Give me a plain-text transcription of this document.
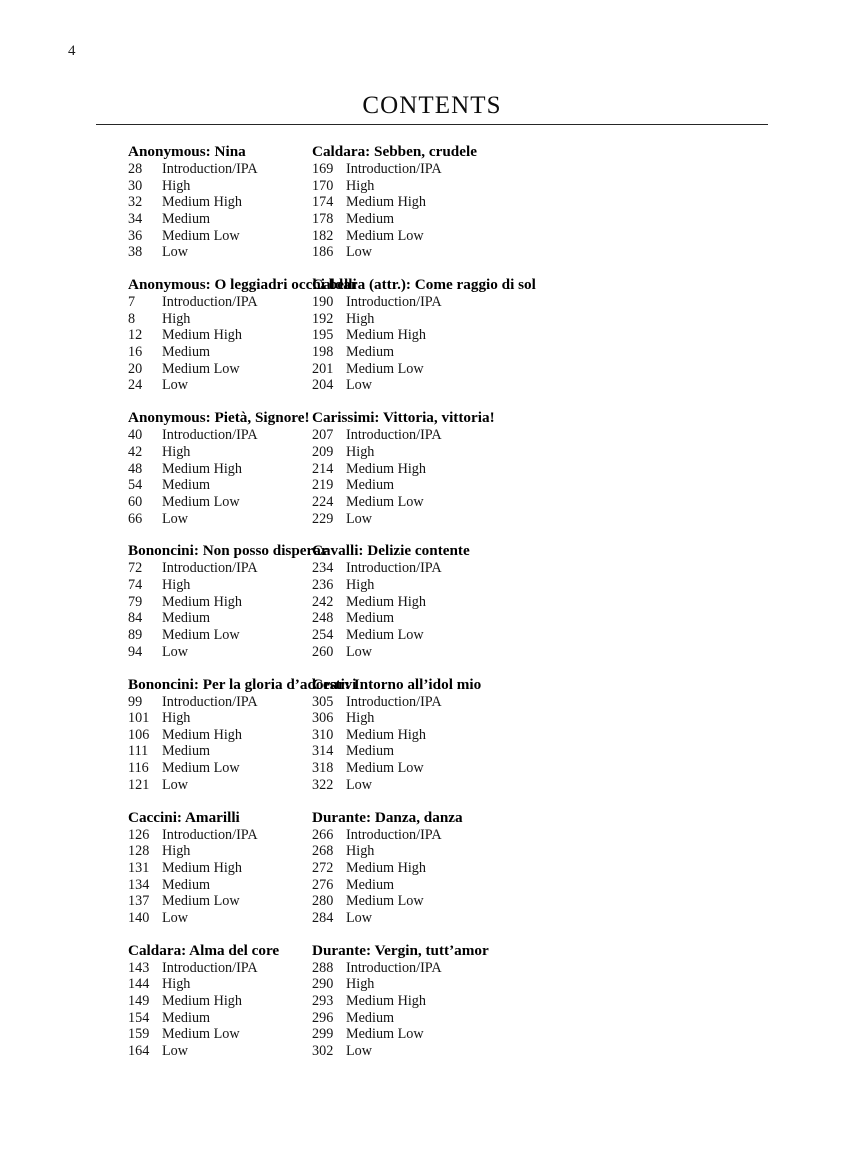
4
CONTENTS
Anonymous: Nina
28	Introduction/IPA
30	High
32	Medium High
34	Medium
36	Medium Low
38	Low
Anonymous: O leggiadri occhi belli
7	Introduction/IPA
8	High
12	Medium High
16	Medium
20	Medium Low
24	Low
Anonymous: Pietà, Signore!
40	Introduction/IPA
42	High
48	Medium High
54	Medium
60	Medium Low
66	Low
Bononcini: Non posso disperar
72	Introduction/IPA
74	High
79	Medium High
84	Medium
89	Medium Low
94	Low
Bononcini: Per la gloria d’adorarvi
99	Introduction/IPA
101 High
106 Medium High
111 Medium
116 Medium Low
121 Low
Caccini: Amarilli
126 Introduction/IPA
128 High
131 Medium High
134 Medium
137 Medium Low
140 Low
Caldara: Alma del core
143 Introduction/IPA
144 High
149 Medium High
154 Medium
159 Medium Low
164 Low
Caldara: Sebben, crudele
169 Introduction/IPA
170 High
174 Medium High
178 Medium
182 Medium Low
186 Low
Caldara (attr.): Come raggio di sol
190 Introduction/IPA
192 High
195 Medium High
198 Medium
201 Medium Low
204 Low
Carissimi: Vittoria, vittoria!
207 Introduction/IPA
209 High
214 Medium High
219 Medium
224 Medium Low
229 Low
Cavalli: Delizie contente
234 Introduction/IPA
236 High
242 Medium High
248 Medium
254 Medium Low
260 Low
Cesti: Intorno all’idol mio
305 Introduction/IPA
306 High
310 Medium High
314 Medium
318 Medium Low
322 Low
Durante: Danza, danza
266 Introduction/IPA
268 High
272 Medium High
276 Medium
280 Medium Low
284 Low
Durante: Vergin, tutt’amor
288 Introduction/IPA
290 High
293 Medium High
296 Medium
299 Medium Low
302 Low
